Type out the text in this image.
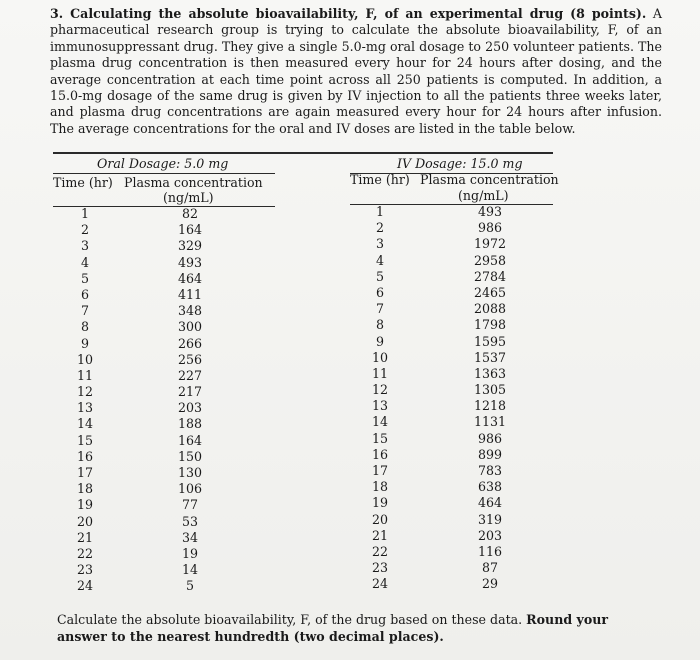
3. Calculating the absolute bioavailability, F, of an experimental drug (8 points). A pharmaceutical research group is trying to calculate the absolute bioavailability, F, of an immunosuppressant drug. They give a single 5.0-mg oral dosage to 250 volunteer patients. The plasma drug concentration is then measured every hour for 24 hours after dosing, and the average concentration at each time point across all 250 patients is computed. In addition, a 15.0-mg dosage of the same drug is given by IV injection to all the patients three weeks later, and plasma drug concentrations are again measured every hour for 24 hours after infusion. The average concentrations for the oral and IV doses are listed in the table below.
Oral Dosage: 5.0 mg	IV Dosage: 15.0 mg
Time (hr) Plasma concentration
(ng/mL)
Time (hr) Plasma concentration
(ng/mL)
1
2
3
4
5
6
7
8
9
10
11
12
13
14
15
16
17
18
19
20
21
22
23
24
82
164
329
493
464
411
348
300
266
256
227
217
203
188
164
150
130
106
77
53
34
19
14
5
1
2
3
4
5
6
7
8
9
10
11
12
13
14
15
16
17
18
19
20
21
22
23
24
493
986
1972
2958
2784
2465
2088
1798
1595
1537
1363
1305
1218
1131
986
899
783
638
464
319
203
116
87
29
Calculate the absolute bioavailability, F, of the drug based on these data. Round your answer to the nearest hundredth (two decimal places).
